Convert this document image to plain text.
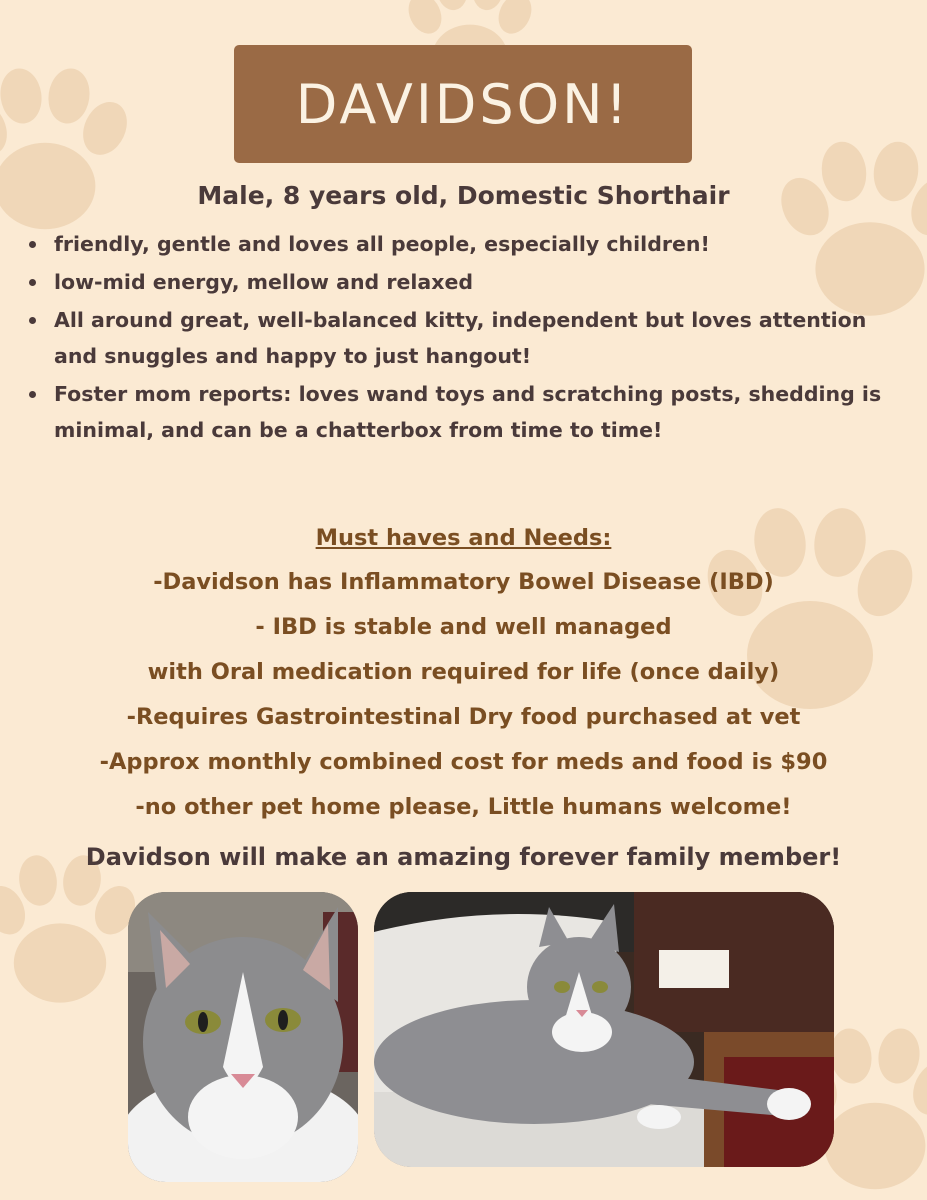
DAVIDSON!
Male, 8 years old, Domestic Shorthair
friendly, gentle and loves all people, especially children!
low-mid energy, mellow and relaxed
All around great, well-balanced kitty, independent but loves attention and snuggles and happy to just hangout!
Foster mom reports: loves wand toys and scratching posts, shedding is minimal, and can be a chatterbox from time to time!
Must haves and Needs:
-Davidson has Inflammatory Bowel Disease (IBD)
- IBD is stable and well managed
with Oral medication required for life (once daily)
-Requires Gastrointestinal Dry food purchased at vet
-Approx monthly combined cost for meds and food is $90
-no other pet home please, Little humans welcome!
Davidson will make an amazing forever family member!
